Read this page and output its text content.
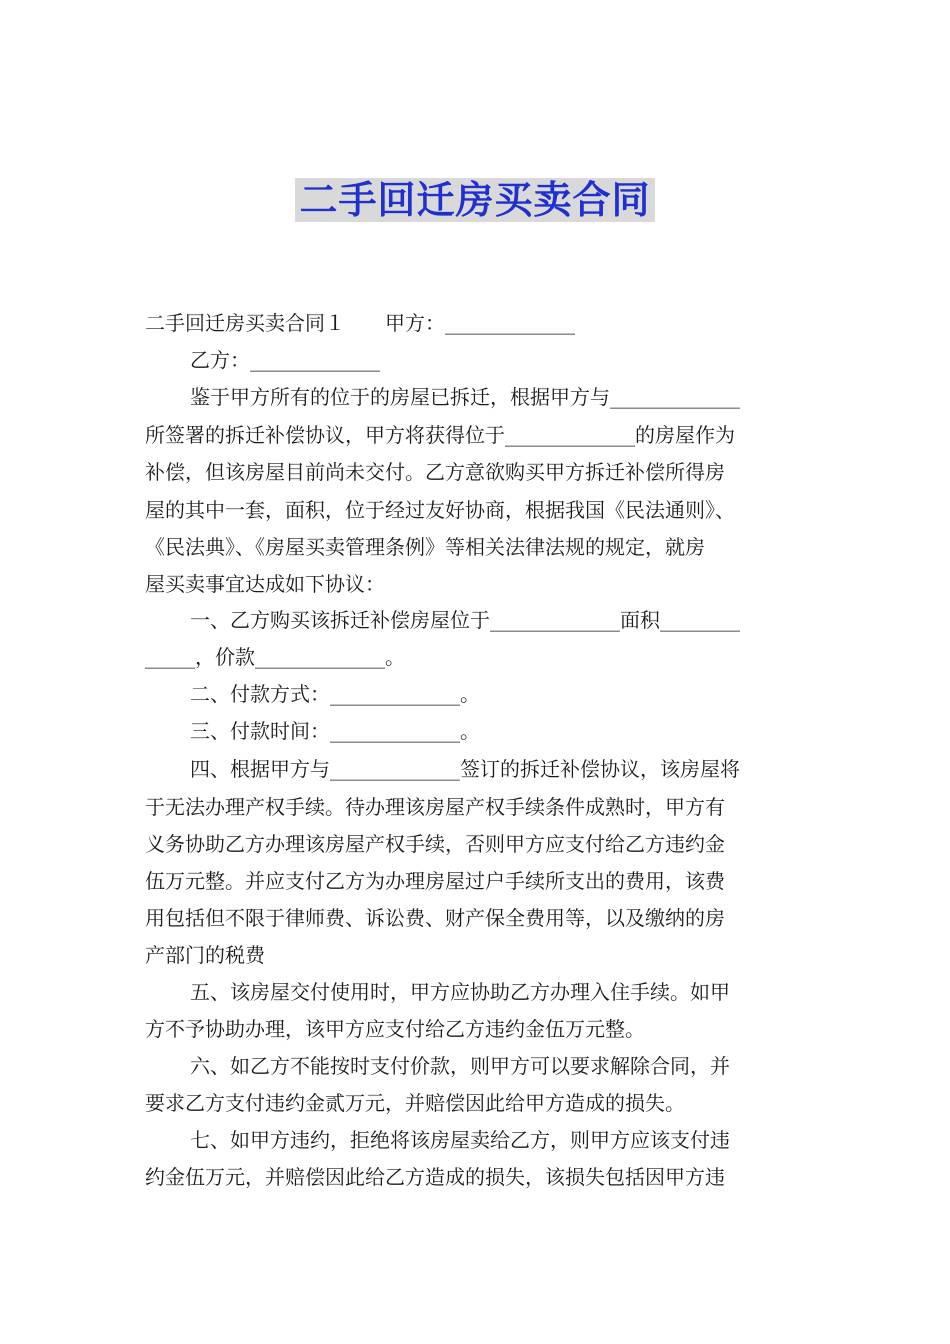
二手回迁房买卖合同
二手回迁房买卖合同１　　甲方：_____________
乙方：_____________
鉴于甲方所有的位于的房屋已拆迁，根据甲方与_____________
所签署的拆迁补偿协议，甲方将获得位于_____________的房屋作为
补偿，但该房屋目前尚未交付。乙方意欲购买甲方拆迁补偿所得房
屋的其中一套，面积，位于经过友好协商，根据我国《民法通则》、
《民法典》、《房屋买卖管理条例》等相关法律法规的规定，就房
屋买卖事宜达成如下协议：
一、乙方购买该拆迁补偿房屋位于_____________面积________
_____，价款_____________。
二、付款方式：_____________。
三、付款时间：_____________。
四、根据甲方与_____________签订的拆迁补偿协议，该房屋将
于无法办理产权手续。待办理该房屋产权手续条件成熟时，甲方有
义务协助乙方办理该房屋产权手续，否则甲方应支付给乙方违约金
伍万元整。并应支付乙方为办理房屋过户手续所支出的费用，该费
用包括但不限于律师费、诉讼费、财产保全费用等，以及缴纳的房
产部门的税费
五、该房屋交付使用时，甲方应协助乙方办理入住手续。如甲
方不予协助办理，该甲方应支付给乙方违约金伍万元整。
六、如乙方不能按时支付价款，则甲方可以要求解除合同，并
要求乙方支付违约金贰万元，并赔偿因此给甲方造成的损失。
七、如甲方违约，拒绝将该房屋卖给乙方，则甲方应该支付违
约金伍万元，并赔偿因此给乙方造成的损失，该损失包括因甲方违
